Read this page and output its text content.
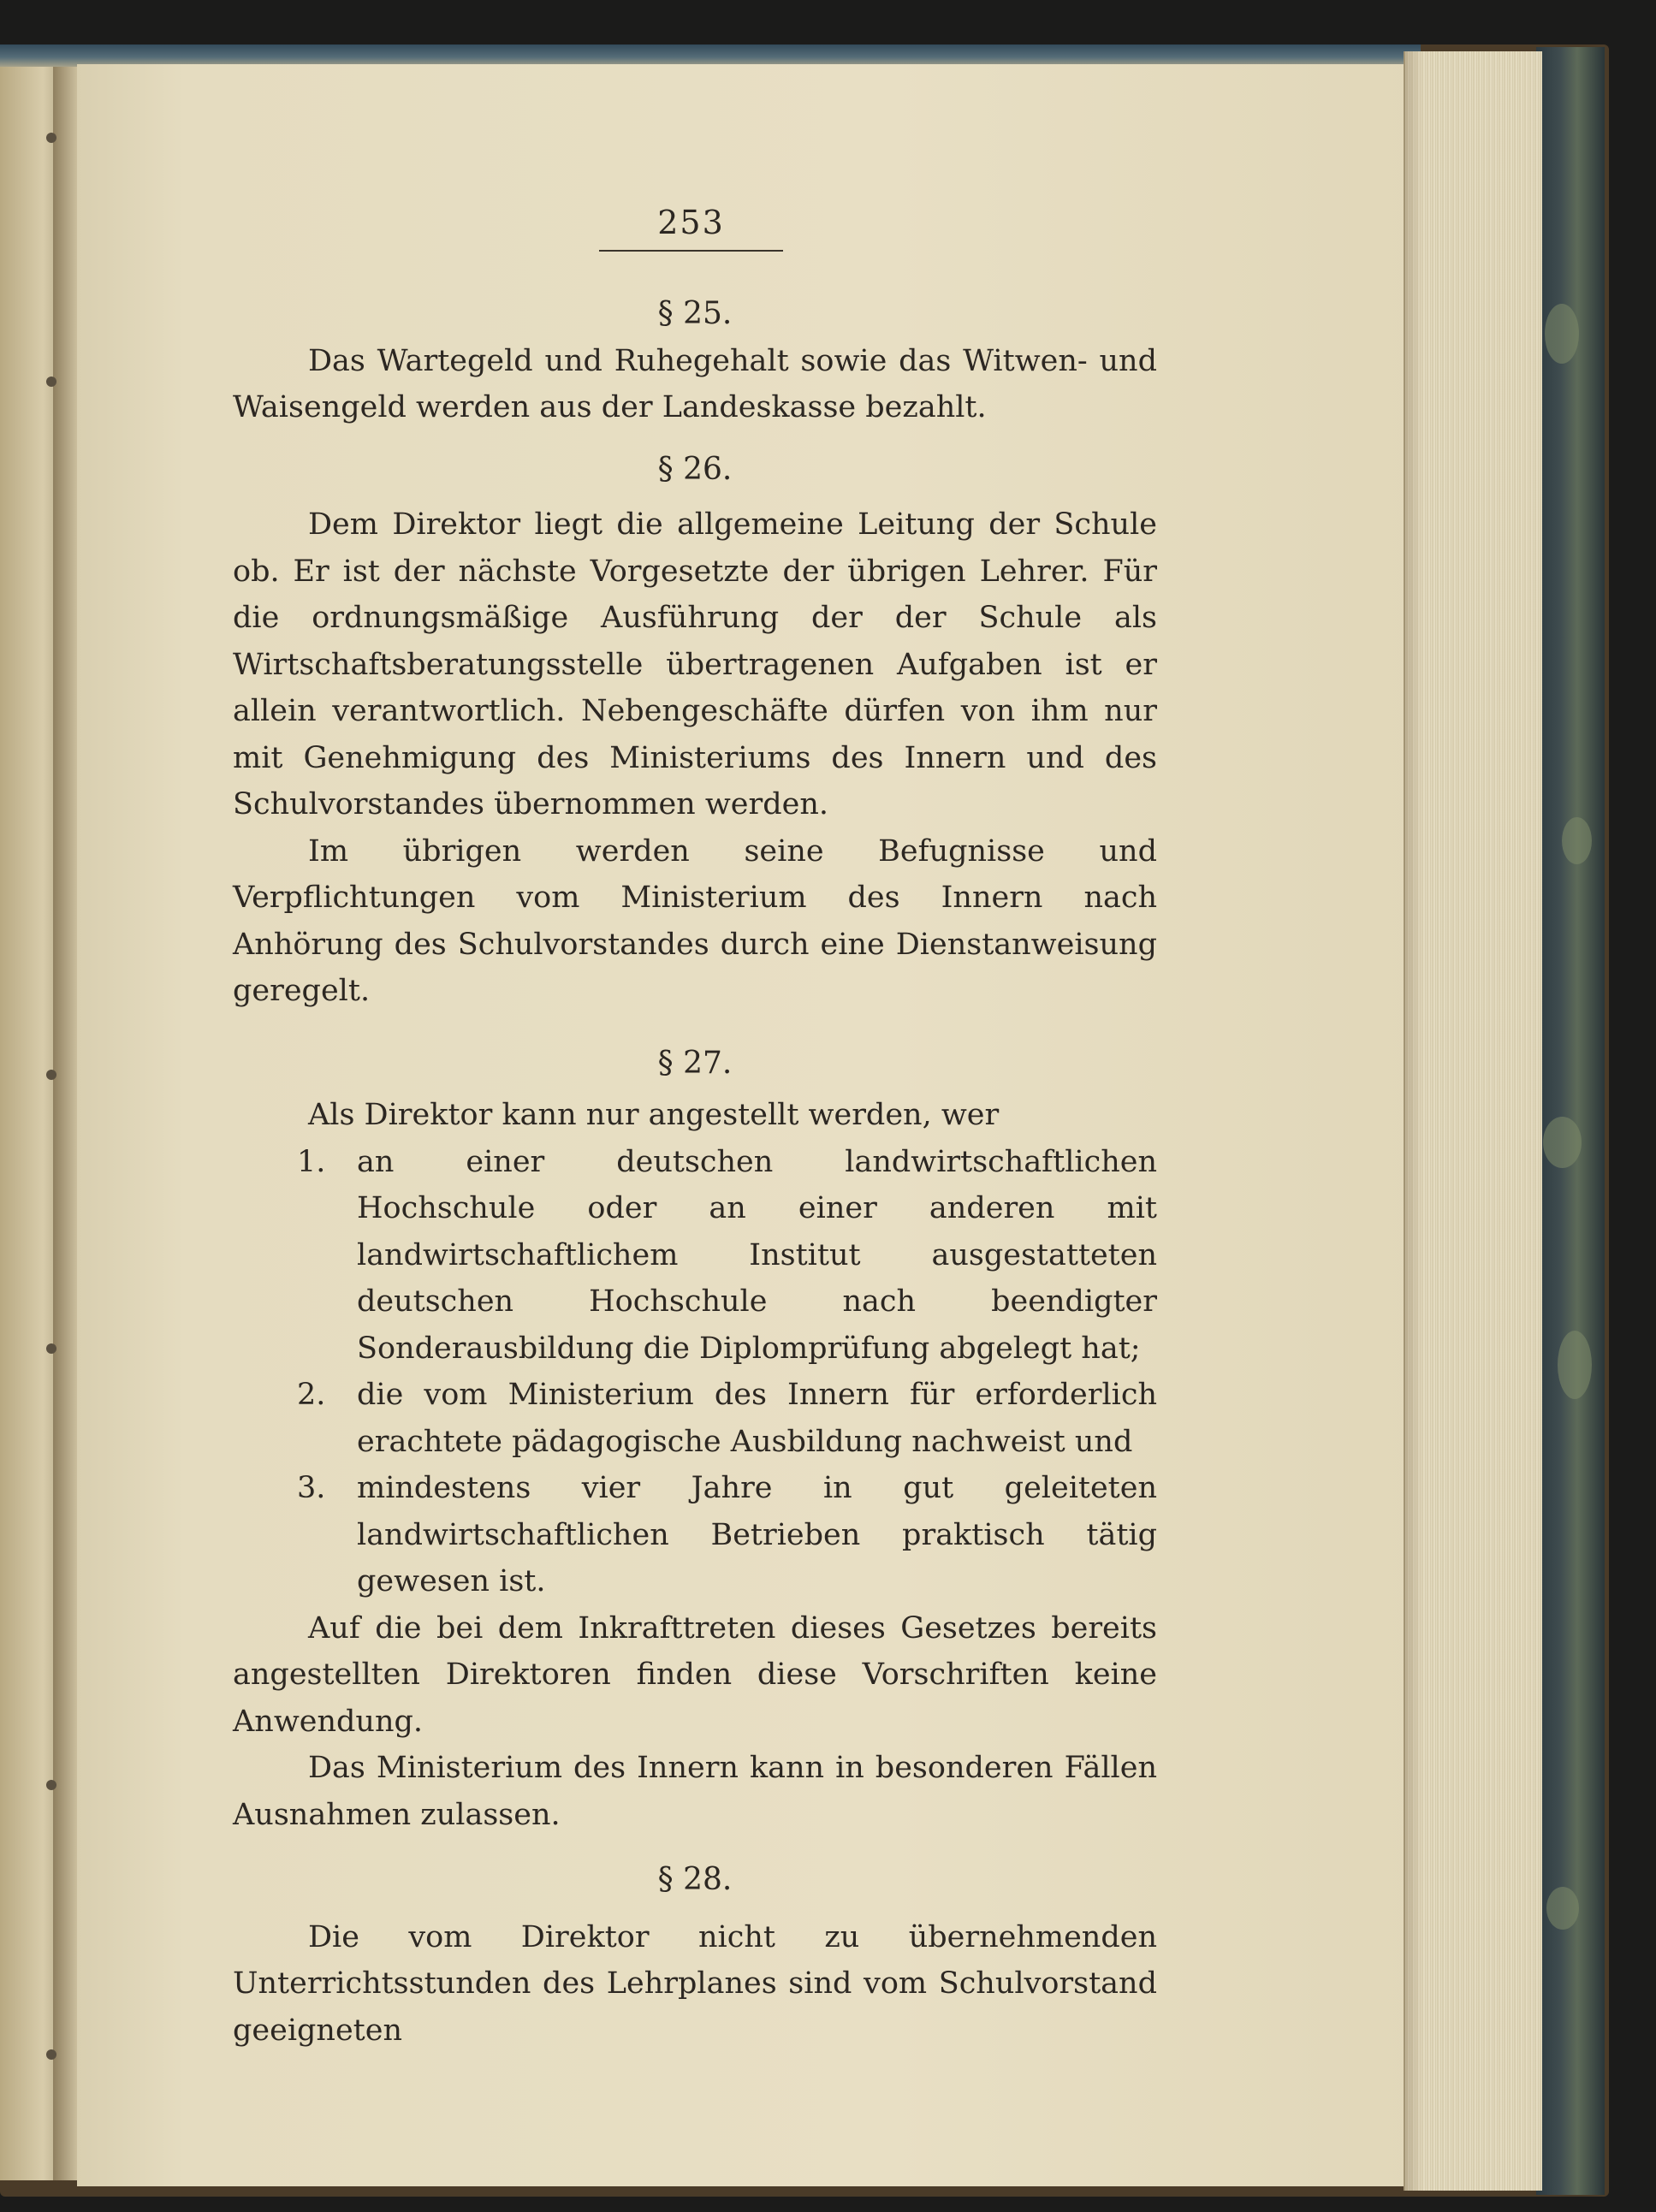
253

§ 25.

Das Wartegeld und Ruhegehalt sowie das Witwen- und Waisengeld werden aus der Landeskasse bezahlt.

§ 26.

Dem Direktor liegt die allgemeine Leitung der Schule ob. Er ist der nächste Vorgesetzte der übrigen Lehrer. Für die ordnungsmäßige Ausführung der der Schule als Wirtschaftsberatungsstelle übertragenen Aufgaben ist er allein verantwortlich. Nebengeschäfte dürfen von ihm nur mit Genehmigung des Ministeriums des Innern und des Schulvorstandes übernommen werden.

Im übrigen werden seine Befugnisse und Verpflichtungen vom Ministerium des Innern nach Anhörung des Schulvorstandes durch eine Dienstanweisung geregelt.

§ 27.

Als Direktor kann nur angestellt werden, wer

1. an einer deutschen landwirtschaftlichen Hochschule oder an einer anderen mit landwirtschaftlichem Institut ausgestatteten deutschen Hochschule nach beendigter Sonderausbildung die Diplomprüfung abgelegt hat;
2. die vom Ministerium des Innern für erforderlich erachtete pädagogische Ausbildung nachweist und
3. mindestens vier Jahre in gut geleiteten landwirtschaftlichen Betrieben praktisch tätig gewesen ist.

Auf die bei dem Inkrafttreten dieses Gesetzes bereits angestellten Direktoren finden diese Vorschriften keine Anwendung.

Das Ministerium des Innern kann in besonderen Fällen Ausnahmen zulassen.

§ 28.

Die vom Direktor nicht zu übernehmenden Unterrichtsstunden des Lehrplanes sind vom Schulvorstand geeigneten
